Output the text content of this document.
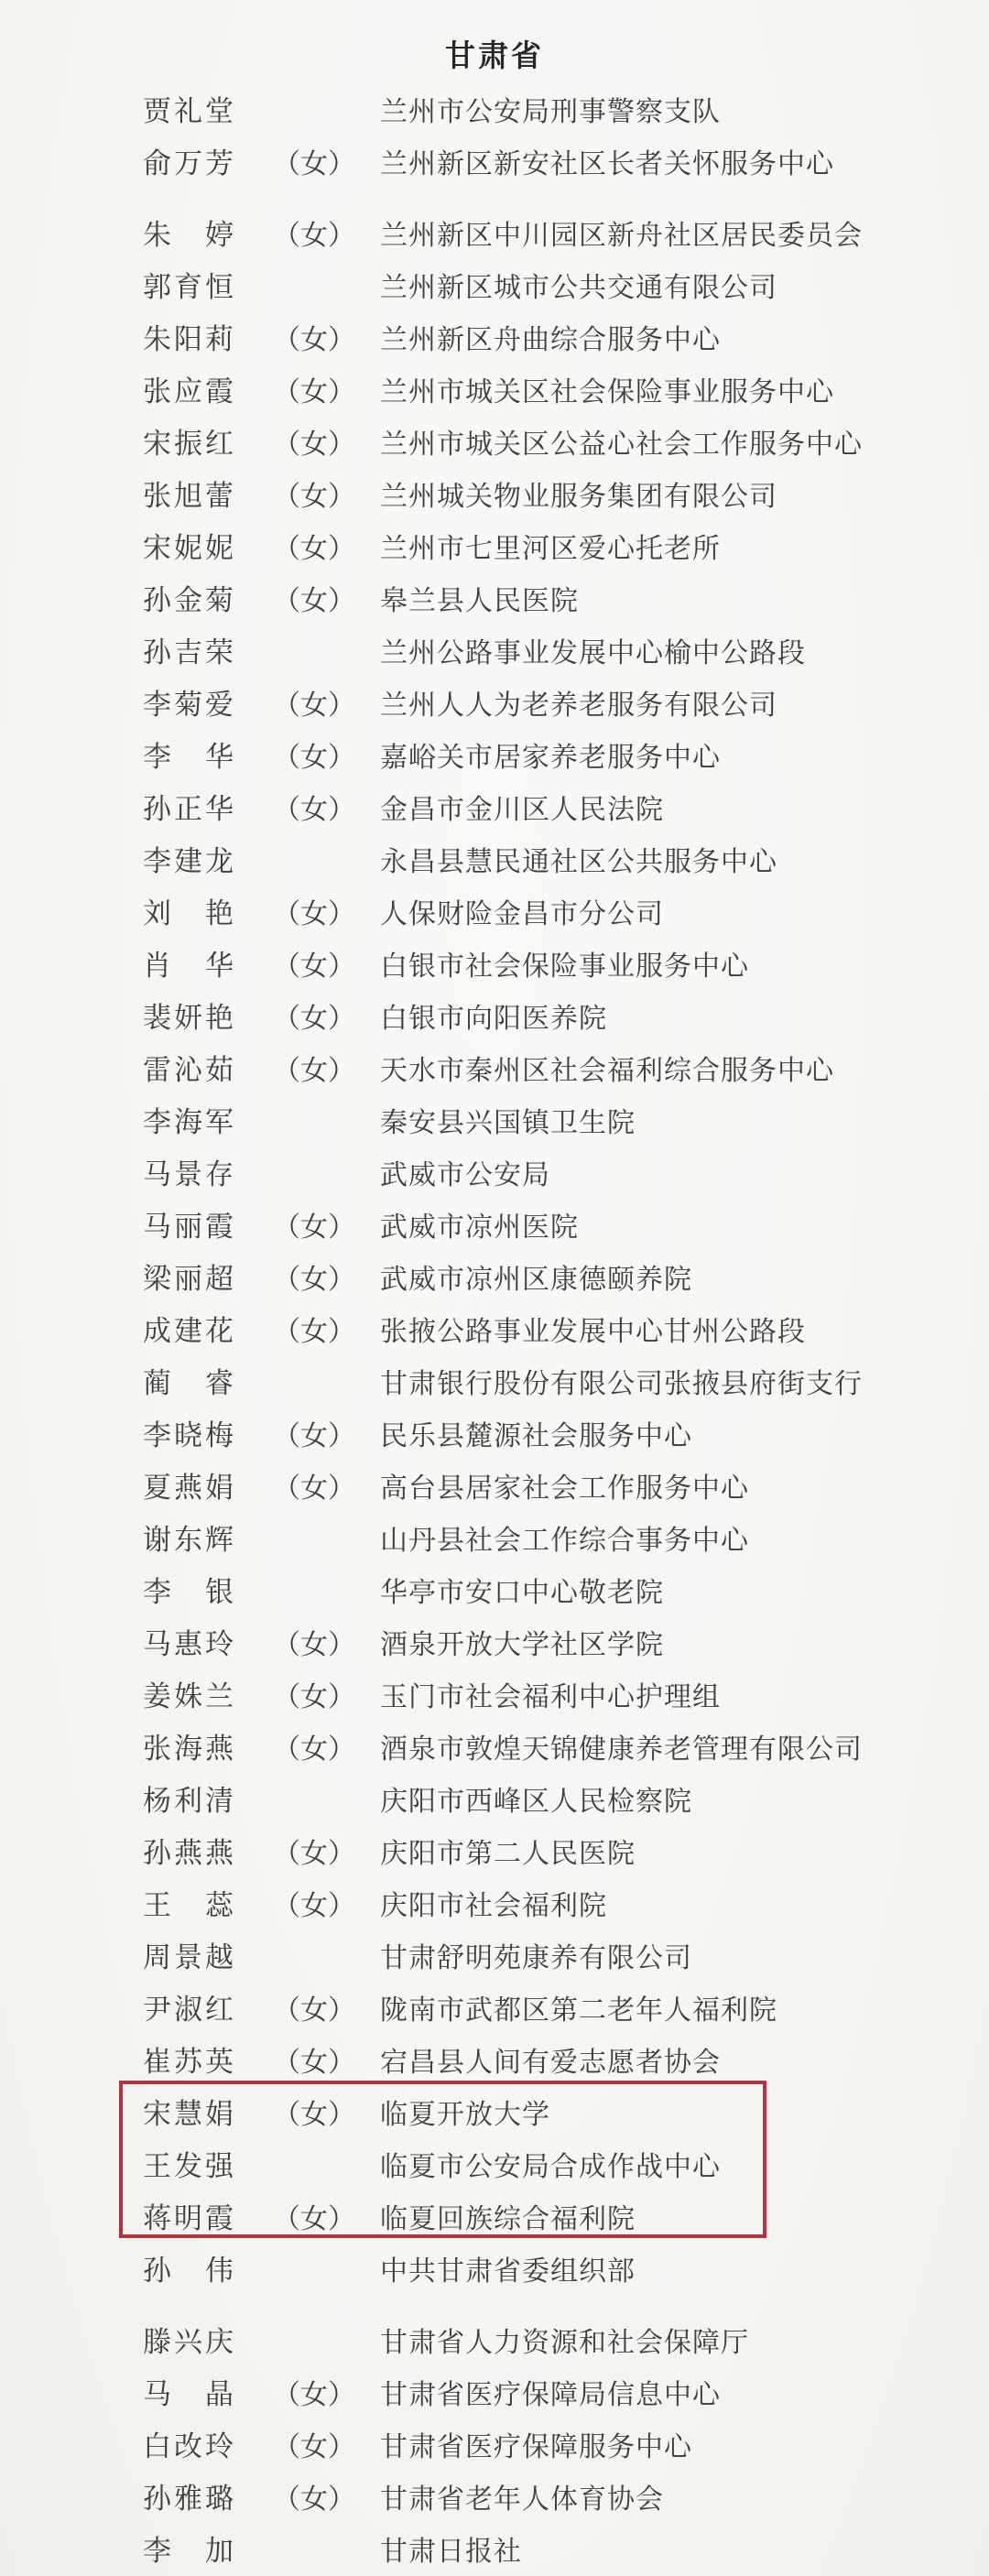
甘肃省
贾礼堂	兰州市公安局刑事警察支队
俞万芳	（女） 兰州新区新安社区长者关怀服务中心
朱　婷	（女） 兰州新区中川园区新舟社区居民委员会
郭育恒	兰州新区城市公共交通有限公司
朱阳莉	（女） 兰州新区舟曲综合服务中心
张应霞	（女） 兰州市城关区社会保险事业服务中心
宋振红	（女） 兰州市城关区公益心社会工作服务中心
张旭蕾	（女） 兰州城关物业服务集团有限公司
宋妮妮	（女） 兰州市七里河区爱心托老所
孙金菊	（女） 皋兰县人民医院
孙吉荣	兰州公路事业发展中心榆中公路段
李菊爱	（女） 兰州人人为老养老服务有限公司
李　华	（女） 嘉峪关市居家养老服务中心
孙正华	（女） 金昌市金川区人民法院
李建龙	永昌县慧民通社区公共服务中心
刘　艳	（女） 人保财险金昌市分公司
肖　华	（女） 白银市社会保险事业服务中心
裴妍艳	（女） 白银市向阳医养院
雷沁茹	（女） 天水市秦州区社会福利综合服务中心
李海军	秦安县兴国镇卫生院
马景存	武威市公安局
马丽霞	（女） 武威市凉州医院
梁丽超	（女） 武威市凉州区康德颐养院
成建花	（女） 张掖公路事业发展中心甘州公路段
蔺　睿	甘肃银行股份有限公司张掖县府街支行
李晓梅	（女） 民乐县麓源社会服务中心
夏燕娟	（女） 高台县居家社会工作服务中心
谢东辉	山丹县社会工作综合事务中心
李　银	华亭市安口中心敬老院
马惠玲	（女） 酒泉开放大学社区学院
姜姝兰	（女） 玉门市社会福利中心护理组
张海燕	（女） 酒泉市敦煌天锦健康养老管理有限公司
杨利清	庆阳市西峰区人民检察院
孙燕燕	（女） 庆阳市第二人民医院
王　蕊	（女） 庆阳市社会福利院
周景越	甘肃舒明苑康养有限公司
尹淑红	（女） 陇南市武都区第二老年人福利院
崔苏英	（女） 宕昌县人间有爱志愿者协会
宋慧娟	（女） 临夏开放大学
王发强	临夏市公安局合成作战中心
蒋明霞	（女） 临夏回族综合福利院
孙　伟	中共甘肃省委组织部
滕兴庆	甘肃省人力资源和社会保障厅
马　晶	（女） 甘肃省医疗保障局信息中心
白改玲	（女） 甘肃省医疗保障服务中心
孙雅璐	（女） 甘肃省老年人体育协会
李　加	甘肃日报社
